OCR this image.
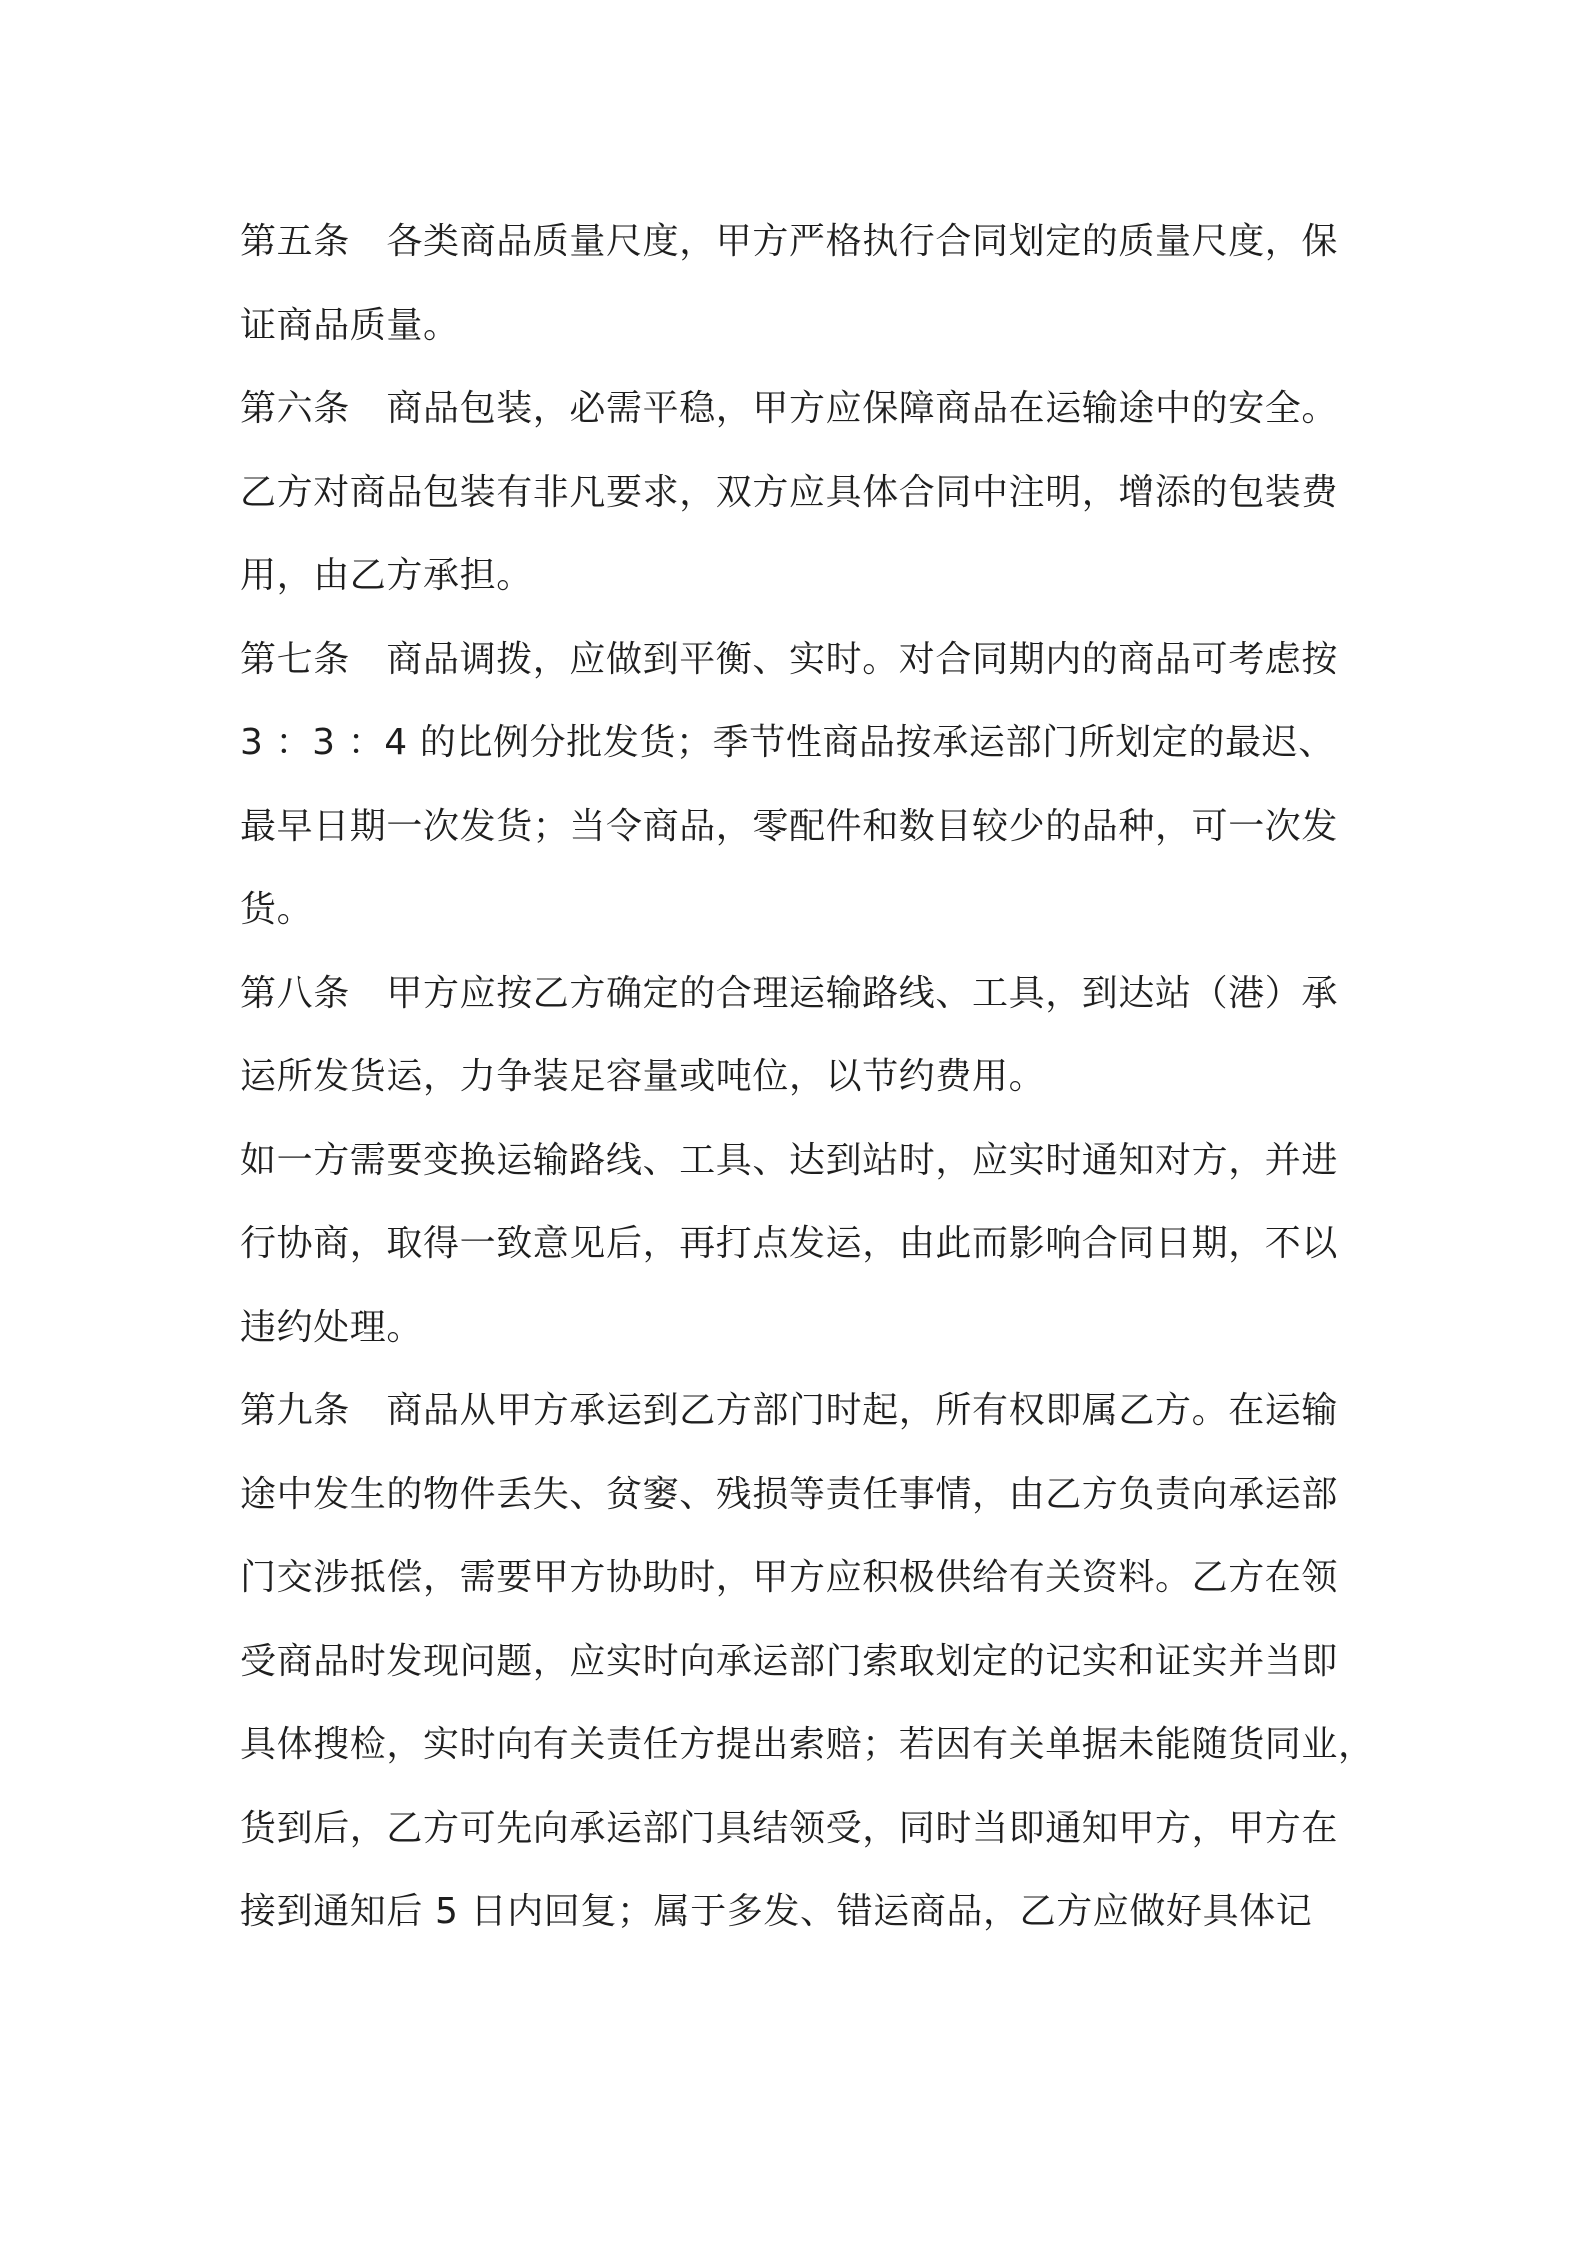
第五条　各类商品质量尺度，甲方严格执行合同划定的质量尺度，保
证商品质量。
第六条　商品包装，必需平稳，甲方应保障商品在运输途中的安全。
乙方对商品包装有非凡要求，双方应具体合同中注明，增添的包装费
用，由乙方承担。
第七条　商品调拨，应做到平衡、实时。对合同期内的商品可考虑按
3 ：3 ：4 的比例分批发货；季节性商品按承运部门所划定的最迟、
最早日期一次发货；当令商品，零配件和数目较少的品种，可一次发
货。
第八条　甲方应按乙方确定的合理运输路线、工具，到达站（港）承
运所发货运，力争装足容量或吨位，以节约费用。
如一方需要变换运输路线、工具、达到站时，应实时通知对方，并进
行协商，取得一致意见后，再打点发运，由此而影响合同日期，不以
违约处理。
第九条　商品从甲方承运到乙方部门时起，所有权即属乙方。在运输
途中发生的物件丢失、贫窭、残损等责任事情，由乙方负责向承运部
门交涉抵偿，需要甲方协助时，甲方应积极供给有关资料。乙方在领
受商品时发现问题，应实时向承运部门索取划定的记实和证实并当即
具体搜检，实时向有关责任方提出索赔；若因有关单据未能随货同业，
货到后，乙方可先向承运部门具结领受，同时当即通知甲方，甲方在
接到通知后 5 日内回复；属于多发、错运商品，乙方应做好具体记
